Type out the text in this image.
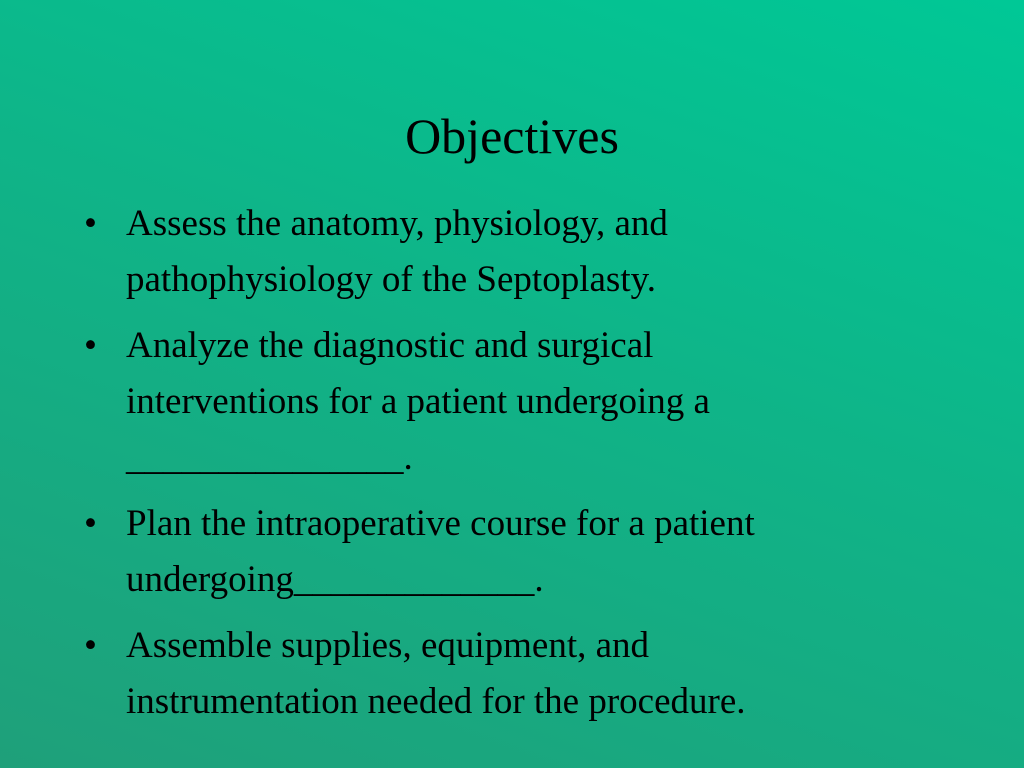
Objectives
• Assess the anatomy, physiology, and
pathophysiology of the Septoplasty.
• Analyze the diagnostic and surgical
interventions for a patient undergoing a
_______________.
• Plan the intraoperative course for a patient
undergoing_____________.
• Assemble supplies, equipment, and
instrumentation needed for the procedure.
